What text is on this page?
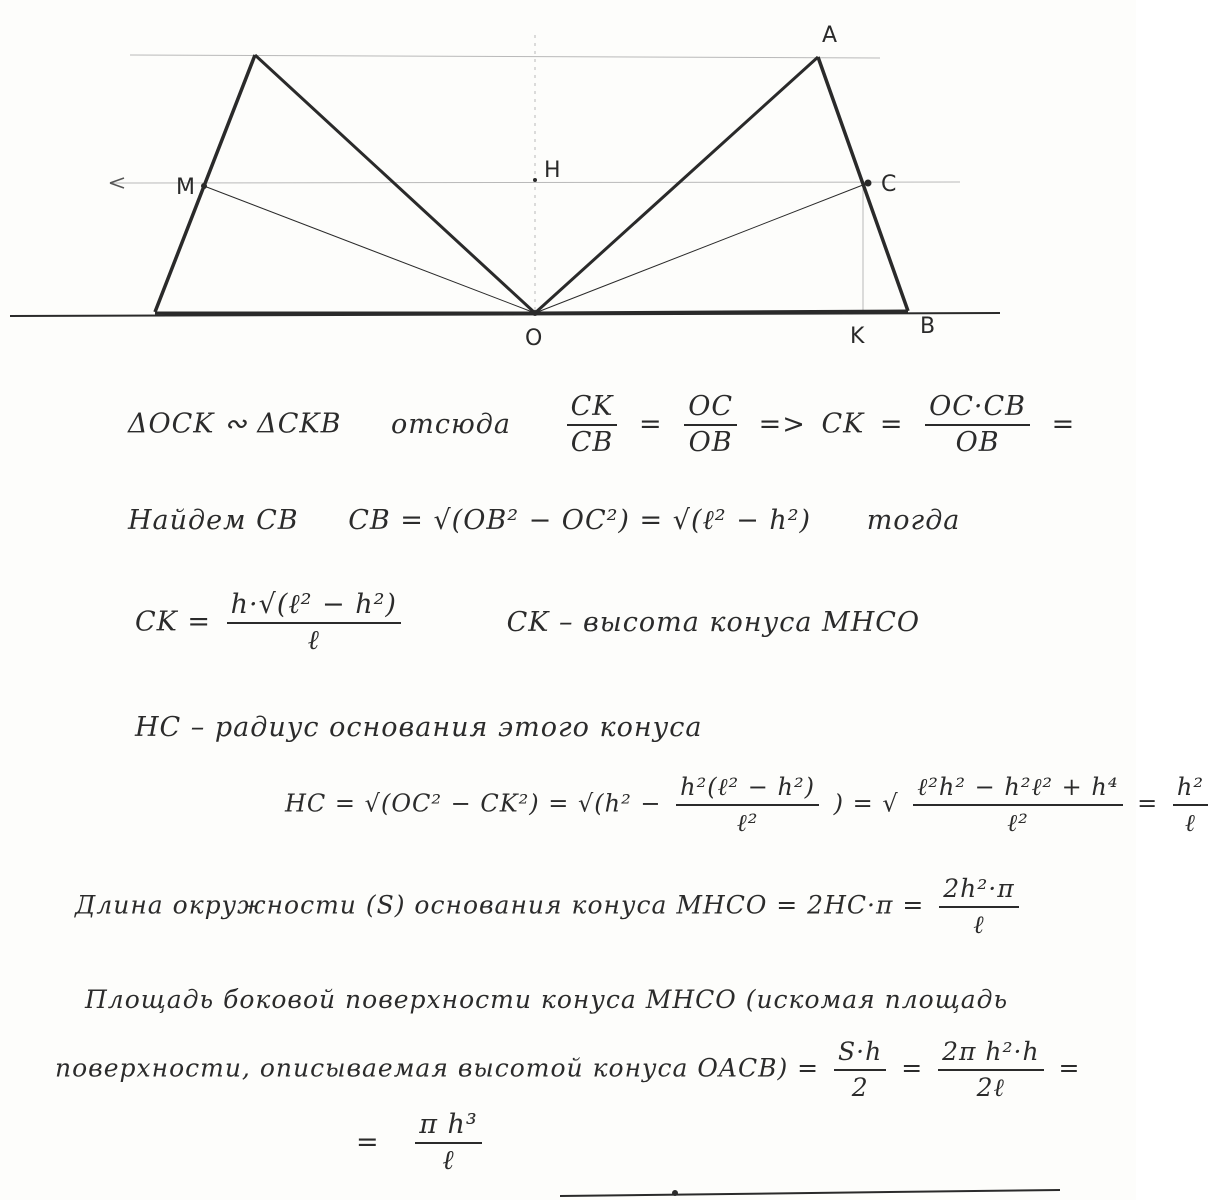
A
M
H
C
O	K	B
ΔOCK ∾ ΔCKB отсюда $\frac{CK}{CB} = \frac{OC}{OB}$ => CK = $\frac{OC\cdot CB}{OB}$ =
Найдем CB CB = √(OB² − OC²) = √(ℓ² − h²) тогда
CK = $\frac{\text{h·√(ℓ² − h²)}}{\text{ℓ}}$	CK – высота конуса MHCO
HC – радиус основания этого конуса
HC = $√(OC^2 - CK^2) = √(h^2 - \frac{\text{h²(ℓ² − h²)}}{\text{ℓ²}}$ ) = √ $\frac{\text{ℓ²h² − h²ℓ² + h⁴}}{\text{ℓ²}} = \frac{\text{h²}}{\text{ℓ}}$
Длина окружности (S) основания конуса MHCO = $2HC\cdot\pi = \frac{\text{2h²·π}}{\text{ℓ}}$
Площадь боковой поверхности конуса MHCO (искомая площадь
поверхности, описываемая высотой конуса OACB) = $\frac{S\cdot h}{2} = \frac{\text{2π h²·h}}{\text{2ℓ}}$ =
= $\frac{\text{π h³}}{\text{ℓ}}$
